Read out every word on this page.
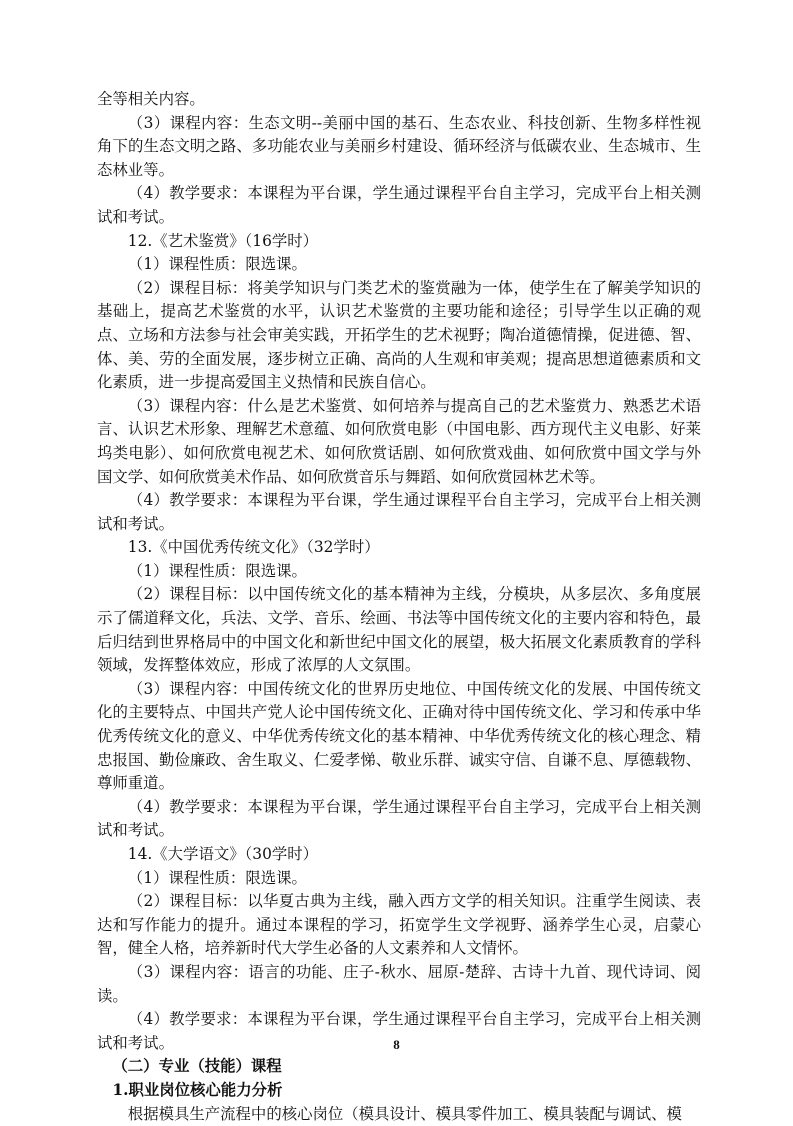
全等相关内容。

（3）课程内容：生态文明--美丽中国的基石、生态农业、科技创新、生物多样性视角下的生态文明之路、多功能农业与美丽乡村建设、循环经济与低碳农业、生态城市、生态林业等。

（4）教学要求：本课程为平台课，学生通过课程平台自主学习，完成平台上相关测试和考试。

12.《艺术鉴赏》（16学时）

（1）课程性质：限选课。

（2）课程目标：将美学知识与门类艺术的鉴赏融为一体，使学生在了解美学知识的基础上，提高艺术鉴赏的水平，认识艺术鉴赏的主要功能和途径；引导学生以正确的观点、立场和方法参与社会审美实践，开拓学生的艺术视野；陶冶道德情操，促进德、智、体、美、劳的全面发展，逐步树立正确、高尚的人生观和审美观；提高思想道德素质和文化素质，进一步提高爱国主义热情和民族自信心。

（3）课程内容：什么是艺术鉴赏、如何培养与提高自己的艺术鉴赏力、熟悉艺术语言、认识艺术形象、理解艺术意蕴、如何欣赏电影（中国电影、西方现代主义电影、好莱坞类电影）、如何欣赏电视艺术、如何欣赏话剧、如何欣赏戏曲、如何欣赏中国文学与外国文学、如何欣赏美术作品、如何欣赏音乐与舞蹈、如何欣赏园林艺术等。

（4）教学要求：本课程为平台课，学生通过课程平台自主学习，完成平台上相关测试和考试。

13.《中国优秀传统文化》（32学时）

（1）课程性质：限选课。

（2）课程目标：以中国传统文化的基本精神为主线，分模块，从多层次、多角度展示了儒道释文化，兵法、文学、音乐、绘画、书法等中国传统文化的主要内容和特色，最后归结到世界格局中的中国文化和新世纪中国文化的展望，极大拓展文化素质教育的学科领域，发挥整体效应，形成了浓厚的人文氛围。

（3）课程内容：中国传统文化的世界历史地位、中国传统文化的发展、中国传统文化的主要特点、中国共产党人论中国传统文化、正确对待中国传统文化、学习和传承中华优秀传统文化的意义、中华优秀传统文化的基本精神、中华优秀传统文化的核心理念、精忠报国、勤俭廉政、舍生取义、仁爱孝悌、敬业乐群、诚实守信、自谦不息、厚德载物、尊师重道。

（4）教学要求：本课程为平台课，学生通过课程平台自主学习，完成平台上相关测试和考试。

14.《大学语文》（30学时）

（1）课程性质：限选课。

（2）课程目标：以华夏古典为主线，融入西方文学的相关知识。注重学生阅读、表达和写作能力的提升。通过本课程的学习，拓宽学生文学视野、涵养学生心灵，启蒙心智，健全人格，培养新时代大学生必备的人文素养和人文情怀。

（3）课程内容：语言的功能、庄子-秋水、屈原-楚辞、古诗十九首、现代诗词、阅读。

（4）教学要求：本课程为平台课，学生通过课程平台自主学习，完成平台上相关测试和考试。

（二）专业（技能）课程

1.职业岗位核心能力分析

根据模具生产流程中的核心岗位（模具设计、模具零件加工、模具装配与调试、模

8
